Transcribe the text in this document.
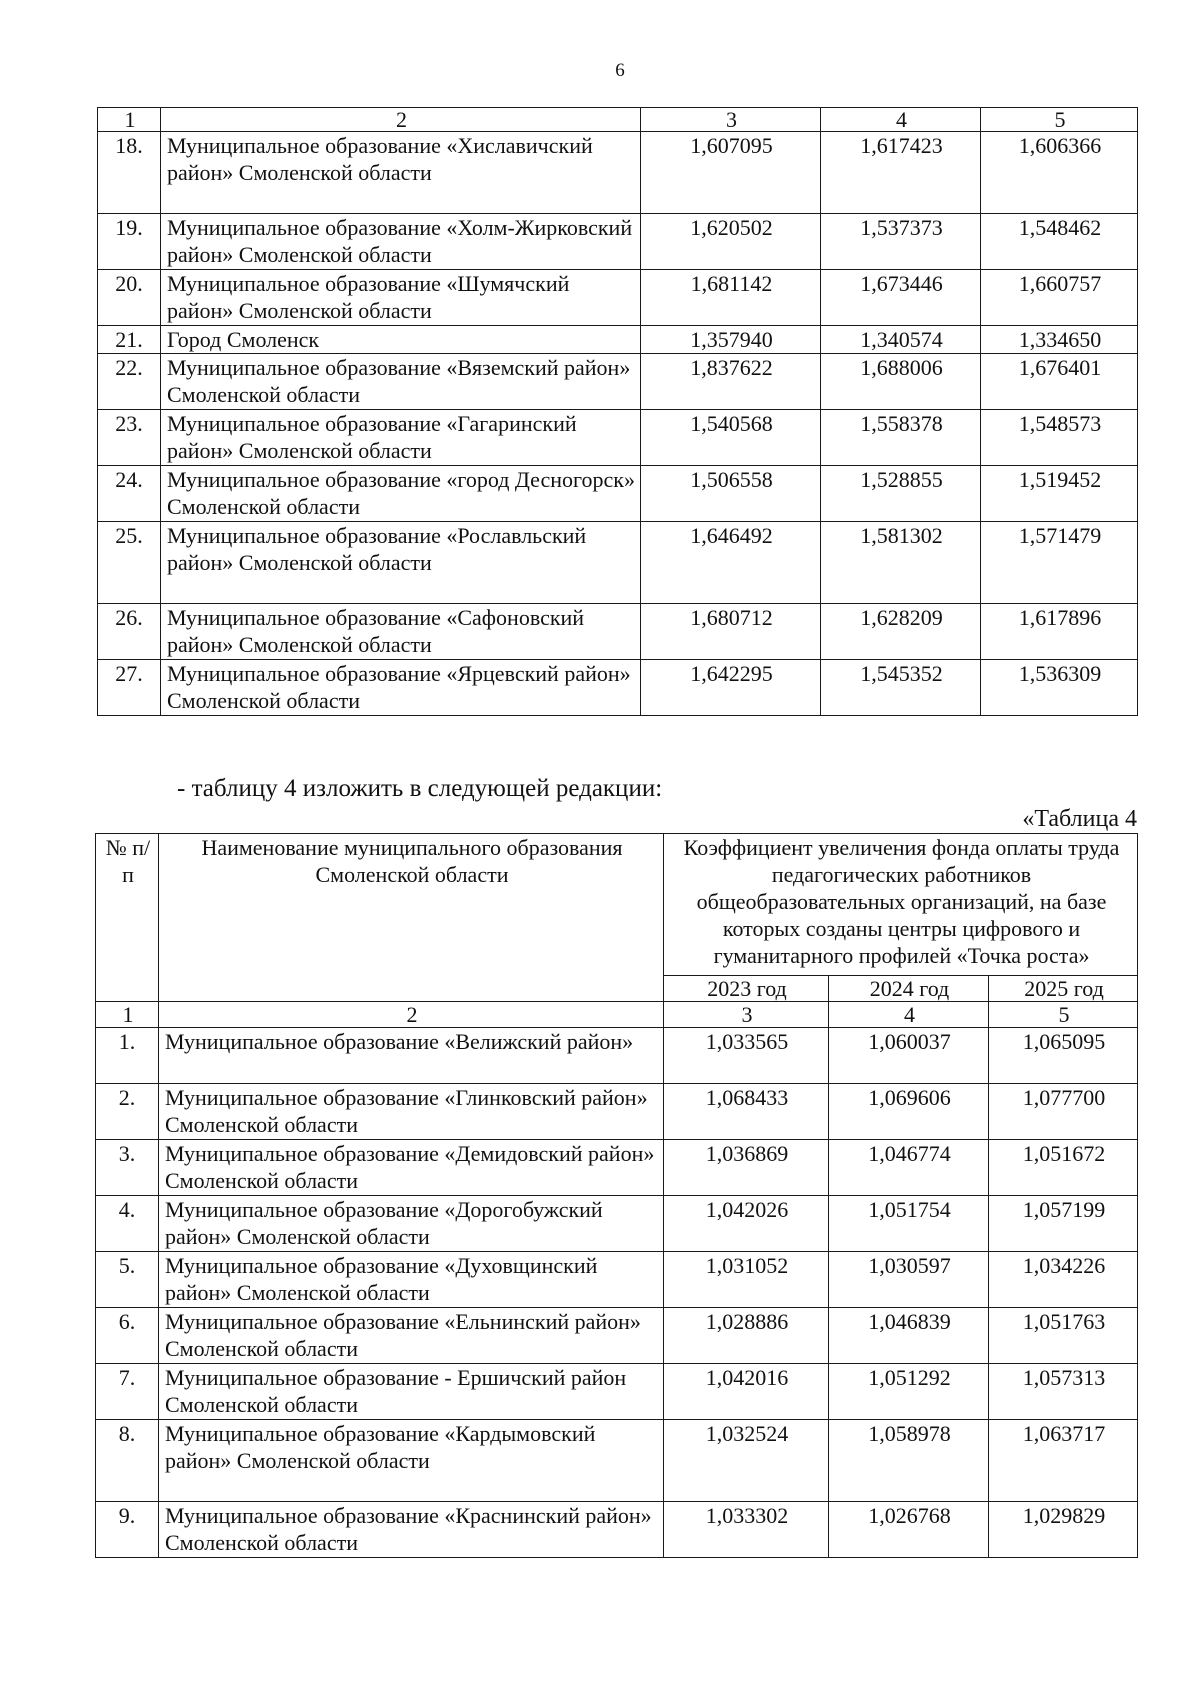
6
1	2	3	4	5
18.	Муниципальное образование «Хиславичский район» Смоленской области	1,607095	1,617423	1,606366
19.	Муниципальное образование «Холм-Жирковский район» Смоленской области	1,620502	1,537373	1,548462
20.	Муниципальное образование «Шумячский район» Смоленской области	1,681142	1,673446	1,660757
21.	Город Смоленск	1,357940	1,340574	1,334650
22.	Муниципальное образование «Вяземский район» Смоленской области	1,837622	1,688006	1,676401
23.	Муниципальное образование «Гагаринский район» Смоленской области	1,540568	1,558378	1,548573
24.	Муниципальное образование «город Десногорск» Смоленской области	1,506558	1,528855	1,519452
25.	Муниципальное образование «Рославльский район» Смоленской области	1,646492	1,581302	1,571479
26.	Муниципальное образование «Сафоновский район» Смоленской области	1,680712	1,628209	1,617896
27.	Муниципальное образование «Ярцевский район» Смоленской области	1,642295	1,545352	1,536309
- таблицу 4 изложить в следующей редакции:
«Таблица 4
№ п/п	Наименование муниципального образования Смоленской области	Коэффициент увеличения фонда оплаты труда педагогических работников общеобразовательных организаций, на базе которых созданы центры цифрового и гуманитарного профилей «Точка роста»		
		2023 год	2024 год	2025 год
1	2	3	4	5
1.	Муниципальное образование «Велижский район»	1,033565	1,060037	1,065095
2.	Муниципальное образование «Глинковский район» Смоленской области	1,068433	1,069606	1,077700
3.	Муниципальное образование «Демидовский район» Смоленской области	1,036869	1,046774	1,051672
4.	Муниципальное образование «Дорогобужский район» Смоленской области	1,042026	1,051754	1,057199
5.	Муниципальное образование «Духовщинский район» Смоленской области	1,031052	1,030597	1,034226
6.	Муниципальное образование «Ельнинский район» Смоленской области	1,028886	1,046839	1,051763
7.	Муниципальное образование - Ершичский район Смоленской области	1,042016	1,051292	1,057313
8.	Муниципальное образование «Кардымовский район» Смоленской области	1,032524	1,058978	1,063717
9.	Муниципальное образование «Краснинский район» Смоленской области	1,033302	1,026768	1,029829
